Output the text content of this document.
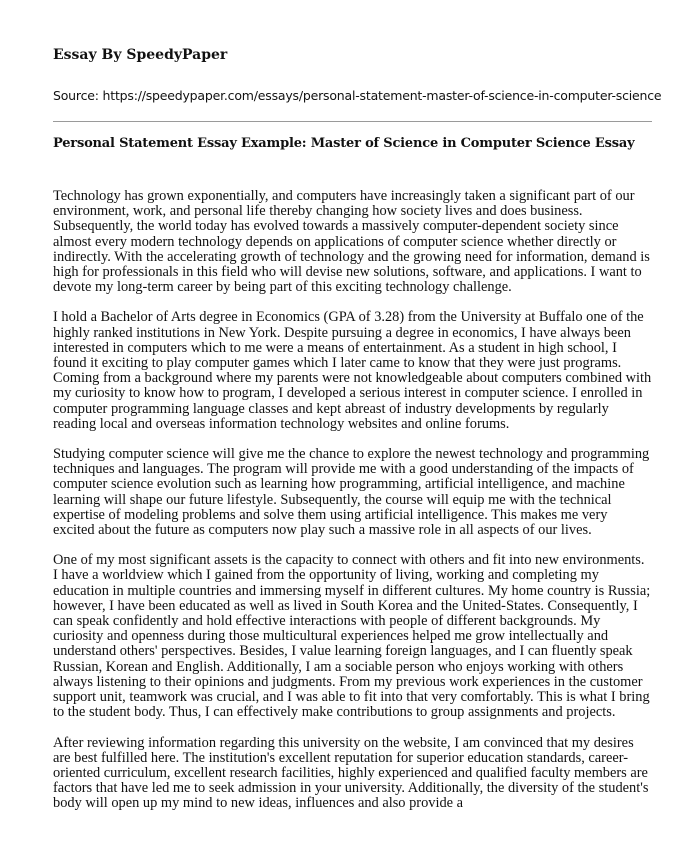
Essay By SpeedyPaper
Source: https://speedypaper.com/essays/personal-statement-master-of-science-in-computer-science
Personal Statement Essay Example: Master of Science in Computer Science Essay

Technology has grown exponentially, and computers have increasingly taken a significant part of our environment, work, and personal life thereby changing how society lives and does business. Subsequently, the world today has evolved towards a massively computer-dependent society since almost every modern technology depends on applications of computer science whether directly or indirectly. With the accelerating growth of technology and the growing need for information, demand is high for professionals in this field who will devise new solutions, software, and applications. I want to devote my long-term career by being part of this exciting technology challenge.

I hold a Bachelor of Arts degree in Economics (GPA of 3.28) from the University at Buffalo one of the highly ranked institutions in New York. Despite pursuing a degree in economics, I have always been interested in computers which to me were a means of entertainment. As a student in high school, I found it exciting to play computer games which I later came to know that they were just programs. Coming from a background where my parents were not knowledgeable about computers combined with my curiosity to know how to program, I developed a serious interest in computer science. I enrolled in computer programming language classes and kept abreast of industry developments by regularly reading local and overseas information technology websites and online forums.

Studying computer science will give me the chance to explore the newest technology and programming techniques and languages. The program will provide me with a good understanding of the impacts of computer science evolution such as learning how programming, artificial intelligence, and machine learning will shape our future lifestyle. Subsequently, the course will equip me with the technical expertise of modeling problems and solve them using artificial intelligence. This makes me very excited about the future as computers now play such a massive role in all aspects of our lives.

One of my most significant assets is the capacity to connect with others and fit into new environments. I have a worldview which I gained from the opportunity of living, working and completing my education in multiple countries and immersing myself in different cultures. My home country is Russia; however, I have been educated as well as lived in South Korea and the United-States. Consequently, I can speak confidently and hold effective interactions with people of different backgrounds. My curiosity and openness during those multicultural experiences helped me grow intellectually and understand others' perspectives. Besides, I value learning foreign languages, and I can fluently speak Russian, Korean and English. Additionally, I am a sociable person who enjoys working with others always listening to their opinions and judgments. From my previous work experiences in the customer support unit, teamwork was crucial, and I was able to fit into that very comfortably. This is what I bring to the student body. Thus, I can effectively make contributions to group assignments and projects.

After reviewing information regarding this university on the website, I am convinced that my desires are best fulfilled here. The institution's excellent reputation for superior education standards, career-oriented curriculum, excellent research facilities, highly experienced and qualified faculty members are factors that have led me to seek admission in your university. Additionally, the diversity of the student's body will open up my mind to new ideas, influences and also provide a
